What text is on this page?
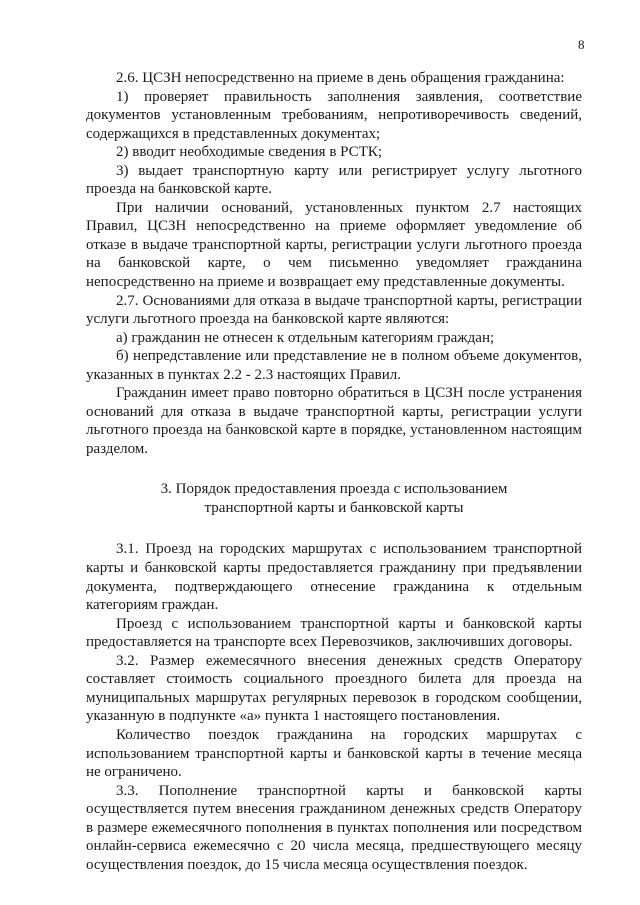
8

2.6. ЦСЗН непосредственно на приеме в день обращения гражданина:

1) проверяет правильность заполнения заявления, соответствие документов установленным требованиям, непротиворечивость сведений, содержащихся в представленных документах;

2) вводит необходимые сведения в РСТК;

3) выдает транспортную карту или регистрирует услугу льготного проезда на банковской карте.

При наличии оснований, установленных пунктом 2.7 настоящих Правил, ЦСЗН непосредственно на приеме оформляет уведомление об отказе в выдаче транспортной карты, регистрации услуги льготного проезда на банковской карте, о чем письменно уведомляет гражданина непосредственно на приеме и возвращает ему представленные документы.

2.7. Основаниями для отказа в выдаче транспортной карты, регистрации услуги льготного проезда на банковской карте являются:

а) гражданин не отнесен к отдельным категориям граждан;

б) непредставление или представление не в полном объеме документов, указанных в пунктах 2.2 - 2.3 настоящих Правил.

Гражданин имеет право повторно обратиться в ЦСЗН после устранения оснований для отказа в выдаче транспортной карты, регистрации услуги льготного проезда на банковской карте в порядке, установленном настоящим разделом.

3. Порядок предоставления проезда с использованием
транспортной карты и банковской карты

3.1. Проезд на городских маршрутах с использованием транспортной карты и банковской карты предоставляется гражданину при предъявлении документа, подтверждающего отнесение гражданина к отдельным категориям граждан.

Проезд с использованием транспортной карты и банковской карты предоставляется на транспорте всех Перевозчиков, заключивших договоры.

3.2. Размер ежемесячного внесения денежных средств Оператору составляет стоимость социального проездного билета для проезда на муниципальных маршрутах регулярных перевозок в городском сообщении, указанную в подпункте «а» пункта 1 настоящего постановления.

Количество поездок гражданина на городских маршрутах с использованием транспортной карты и банковской карты в течение месяца не ограничено.

3.3. Пополнение транспортной карты и банковской карты осуществляется путем внесения гражданином денежных средств Оператору в размере ежемесячного пополнения в пунктах пополнения или посредством онлайн-сервиса ежемесячно с 20 числа месяца, предшествующего месяцу осуществления поездок, до 15 числа месяца осуществления поездок.
